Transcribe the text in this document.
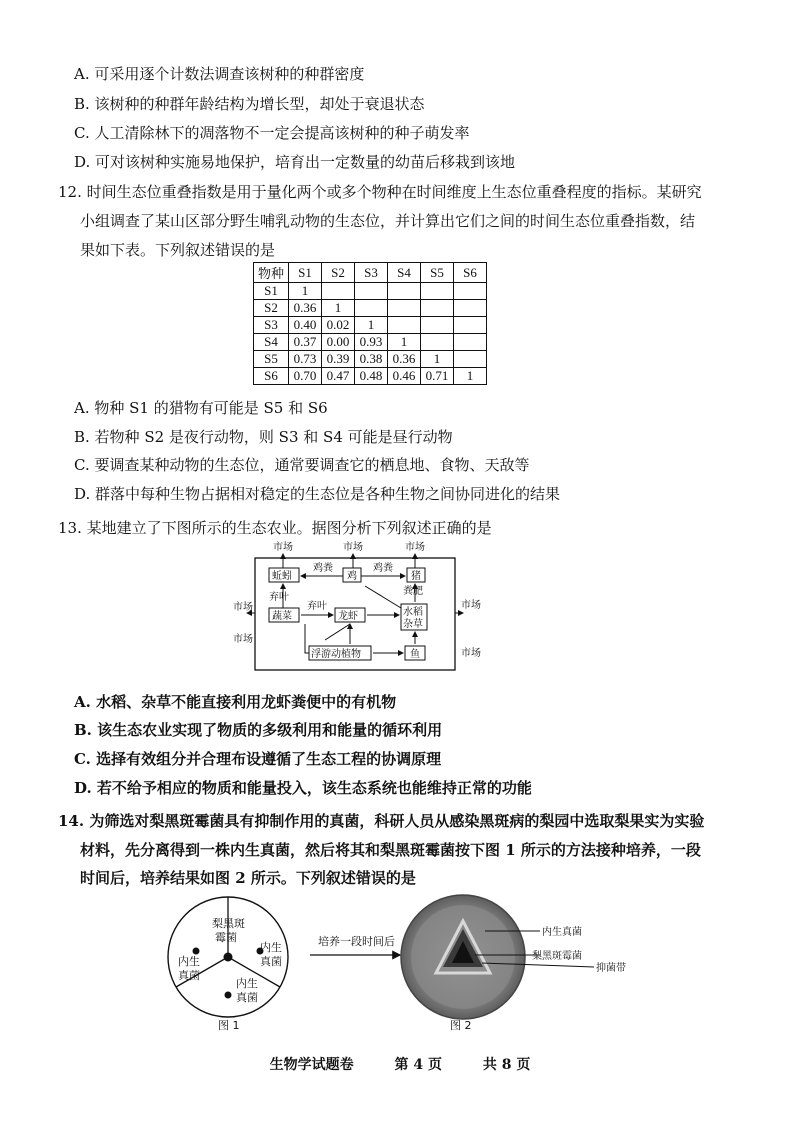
A. 可采用逐个计数法调查该树种的种群密度
B. 该树种的种群年龄结构为增长型，却处于衰退状态
C. 人工清除林下的凋落物不一定会提高该树种的种子萌发率
D. 可对该树种实施易地保护，培育出一定数量的幼苗后移栽到该地
12. 时间生态位重叠指数是用于量化两个或多个物种在时间维度上生态位重叠程度的指标。某研究
小组调查了某山区部分野生哺乳动物的生态位，并计算出它们之间的时间生态位重叠指数，结
果如下表。下列叙述错误的是
物种	S1	S2	S3	S4	S5	S6
S1	1					
S2	0.36	1				
S3	0.40	0.02	1			
S4	0.37	0.00	0.93	1		
S5	0.73	0.39	0.38	0.36	1	
S6	0.70	0.47	0.48	0.46	0.71	1
A. 物种 S1 的猎物有可能是 S5 和 S6
B. 若物种 S2 是夜行动物，则 S3 和 S4 可能是昼行动物
C. 要调查某种动物的生态位，通常要调查它的栖息地、食物、天敌等
D. 群落中每种生物占据相对稳定的生态位是各种生物之间协同进化的结果
13. 某地建立了下图所示的生态农业。据图分析下列叙述正确的是
市场	市场	市场
蚯蚓	鸡	猪
鸡粪	鸡粪
粪肥
弃叶
蔬菜
弃叶
龙虾	水稻
杂草
浮游动植物	鱼
市场
市场
市场
市场
A. 水稻、杂草不能直接利用龙虾粪便中的有机物
B. 该生态农业实现了物质的多级利用和能量的循环利用
C. 选择有效组分并合理布设遵循了生态工程的协调原理
D. 若不给予相应的物质和能量投入，该生态系统也能维持正常的功能
14. 为筛选对梨黑斑霉菌具有抑制作用的真菌，科研人员从感染黑斑病的梨园中选取梨果实为实验
材料，先分离得到一株内生真菌，然后将其和梨黑斑霉菌按下图 1 所示的方法接种培养，一段
时间后，培养结果如图 2 所示。下列叙述错误的是
梨黑斑
霉菌
内生
真菌
内生
真菌
内生
真菌
图 1
培养一段时间后
图 2
内生真菌
梨黑斑霉菌
抑菌带
生物学试题卷	第 4 页	共 8 页
